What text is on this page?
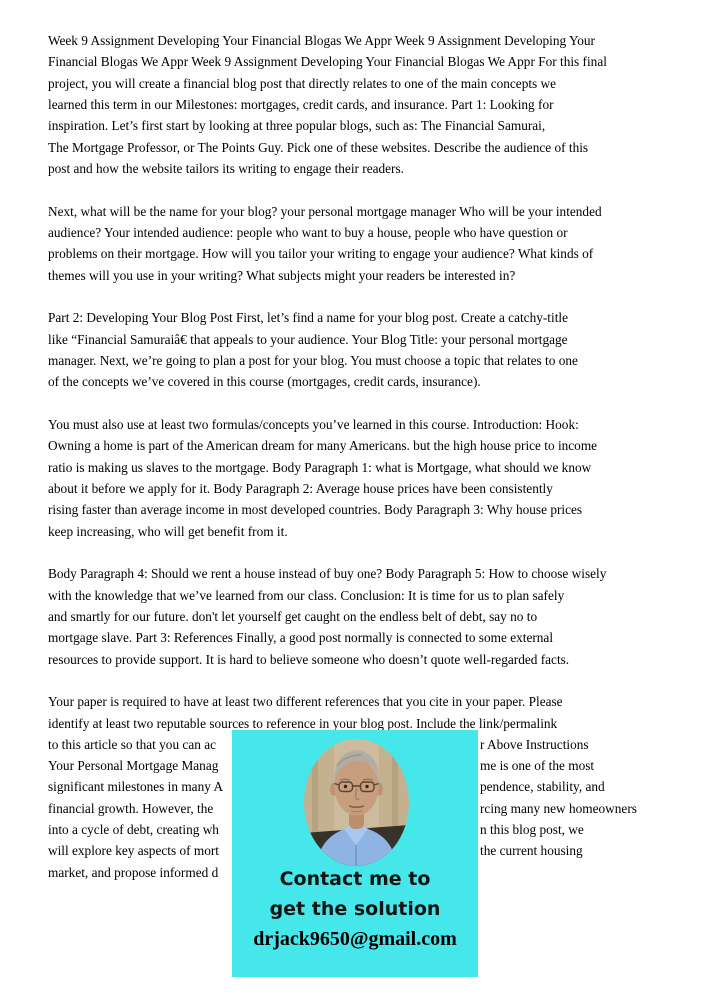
Week 9 Assignment Developing Your Financial Blogas We Appr Week 9 Assignment Developing Your
Financial Blogas We Appr Week 9 Assignment Developing Your Financial Blogas We Appr For this final
project, you will create a financial blog post that directly relates to one of the main concepts we
learned this term in our Milestones: mortgages, credit cards, and insurance. Part 1: Looking for
inspiration. Let’s first start by looking at three popular blogs, such as: The Financial Samurai,
The Mortgage Professor, or The Points Guy. Pick one of these websites. Describe the audience of this
post and how the website tailors its writing to engage their readers.
Next, what will be the name for your blog? your personal mortgage manager Who will be your intended
audience? Your intended audience: people who want to buy a house, people who have question or
problems on their mortgage. How will you tailor your writing to engage your audience? What kinds of
themes will you use in your writing? What subjects might your readers be interested in?
Part 2: Developing Your Blog Post First, let’s find a name for your blog post. Create a catchy-title
like “Financial Samuraiâ€ that appeals to your audience. Your Blog Title: your personal mortgage
manager. Next, we’re going to plan a post for your blog. You must choose a topic that relates to one
of the concepts we’ve covered in this course (mortgages, credit cards, insurance).
You must also use at least two formulas/concepts you’ve learned in this course. Introduction: Hook:
Owning a home is part of the American dream for many Americans. but the high house price to income
ratio is making us slaves to the mortgage. Body Paragraph 1: what is Mortgage, what should we know
about it before we apply for it. Body Paragraph 2: Average house prices have been consistently
rising faster than average income in most developed countries. Body Paragraph 3: Why house prices
keep increasing, who will get benefit from it.
Body Paragraph 4: Should we rent a house instead of buy one? Body Paragraph 5: How to choose wisely
with the knowledge that we’ve learned from our class. Conclusion: It is time for us to plan safely
and smartly for our future. don't let yourself get caught on the endless belt of debt, say no to
mortgage slave. Part 3: References Finally, a good post normally is connected to some external
resources to provide support. It is hard to believe someone who doesn’t quote well-regarded facts.
Your paper is required to have at least two different references that you cite in your paper. Please
identify at least two reputable sources to reference in your blog post. Include the link/permalink
to this article so that you can ac	r Above Instructions
Your Personal Mortgage Manag	me is one of the most
significant milestones in many A	pendence, stability, and
financial growth. However, the	rcing many new homeowners
into a cycle of debt, creating wh	n this blog post, we
will explore key aspects of mort	the current housing
market, and propose informed d	Contact me to
get the solution
drjack9650@gmail.com
